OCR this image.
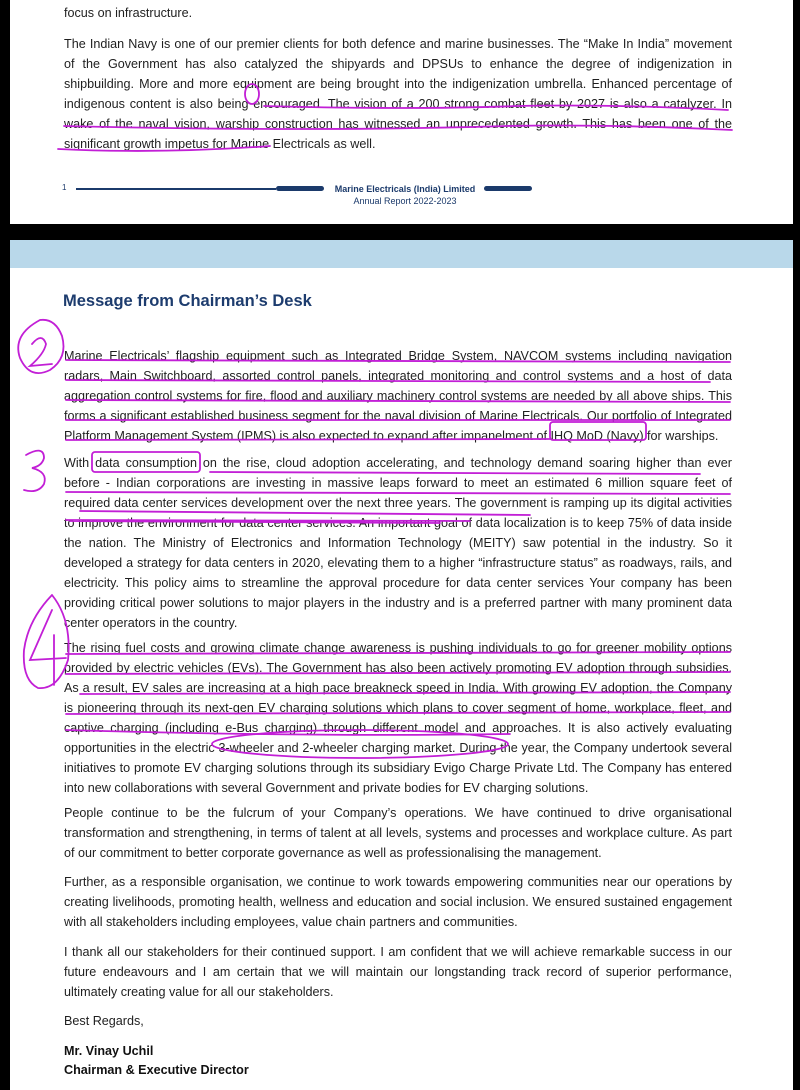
focus on infrastructure.

The Indian Navy is one of our premier clients for both defence and marine businesses. The “Make In India” movement of the Government has also catalyzed the shipyards and DPSUs to enhance the degree of indigenization in shipbuilding. More and more equipment are being brought into the indigenization umbrella. Enhanced percentage of indigenous content is also being encouraged. The vision of a 200 strong combat fleet by 2027 is also a catalyzer. In wake of the naval vision, warship construction has witnessed an unprecedented growth. This has been one of the significant growth impetus for Marine Electricals as well.

1	Marine Electricals (India) Limited
Annual Report 2022-2023
Message from Chairman’s Desk

Marine Electricals’ flagship equipment such as Integrated Bridge System, NAVCOM systems including navigation radars, Main Switchboard, assorted control panels, integrated monitoring and control systems and a host of data aggregation control systems for fire, flood and auxiliary machinery control systems are needed by all above ships. This forms a significant established business segment for the naval division of Marine Electricals. Our portfolio of Integrated Platform Management System (IPMS) is also expected to expand after impanelment of IHQ MoD (Navy) for warships.

With data consumption on the rise, cloud adoption accelerating, and technology demand soaring higher than ever before - Indian corporations are investing in massive leaps forward to meet an estimated 6 million square feet of required data center services development over the next three years. The government is ramping up its digital activities to improve the environment for data center services. An important goal of data localization is to keep 75% of data inside the nation. The Ministry of Electronics and Information Technology (MEITY) saw potential in the industry. So it developed a strategy for data centers in 2020, elevating them to a higher “infrastructure status” as roadways, rails, and electricity. This policy aims to streamline the approval procedure for data center services Your company has been providing critical power solutions to major players in the industry and is a preferred partner with many prominent data center operators in the country.

The rising fuel costs and growing climate change awareness is pushing individuals to go for greener mobility options provided by electric vehicles (EVs). The Government has also been actively promoting EV adoption through subsidies. As a result, EV sales are increasing at a high pace breakneck speed in India. With growing EV adoption, the Company is pioneering through its next-gen EV charging solutions which plans to cover segment of home, workplace, fleet, and captive charging (including e-Bus charging) through different model and approaches. It is also actively evaluating opportunities in the electric 3-wheeler and 2-wheeler charging market. During the year, the Company undertook several initiatives to promote EV charging solutions through its subsidiary Evigo Charge Private Ltd. The Company has entered into new collaborations with several Government and private bodies for EV charging solutions.

People continue to be the fulcrum of your Company’s operations. We have continued to drive organisational transformation and strengthening, in terms of talent at all levels, systems and processes and workplace culture. As part of our commitment to better corporate governance as well as professionalising the management.

Further, as a responsible organisation, we continue to work towards empowering communities near our operations by creating livelihoods, promoting health, wellness and education and social inclusion. We ensured sustained engagement with all stakeholders including employees, value chain partners and communities.

I thank all our stakeholders for their continued support. I am confident that we will achieve remarkable success in our future endeavours and I am certain that we will maintain our longstanding track record of superior performance, ultimately creating value for all our stakeholders.

Best Regards,

Mr. Vinay Uchil

Chairman & Executive Director
